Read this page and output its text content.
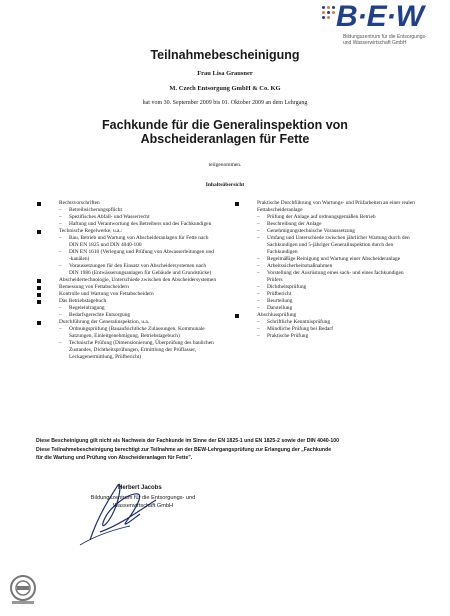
B·E·W
Bildungszentrum für die Entsorgungs-
und Wasserwirtschaft GmbH
Teilnahmebescheinigung
Frau Lisa Grausner
M. Czech Entsorgung GmbH & Co. KG
hat vom 30. September 2009 bis 01. Oktober 2009 an dem Lehrgang
Fachkunde für die Generalinspektion von Abscheideranlagen für Fette
teilgenommen.
Inhaltsübersicht
Rechtsvorschriften
– Betreibsicherungspflicht
– Spezifisches Abfall- und Wasserrecht
– Haftung und Verantwortung des Betreibers und des Fachkundigen
Technische Regelwerke, u.a.:
– Bau, Betrieb und Wartung von Abscheideranlagen für Fette nach DIN EN 1825 und DIN 4040-100
– DIN EN 1610 (Verlegung und Prüfung von Abwasserleitungen und -kanälen)
– Voraussetzungen für den Einsatz von Abscheidersystemen nach DIN 1986 (Entwässerungsanlagen für Gebäude und Grundstücke)
Abscheidertechnologie, Unterschiede zwischen den Abscheidersystemen
Bemessung von Fettabscheidern
Kontrolle und Wartung von Fettabscheidern
Das Betriebstagebuch
– Regeleintragung
– Bedarfsgerechte Entsorgung
Durchführung der Generalinspektion, u.a.
– Ordnungsprüfung (Bauaufsichtliche Zulassungen, Kommunale Satzungen, Einleitgenehmigung, Betriebstagebuch)
– Technische Prüfung (Dimensionierung, Überprüfung des baulichen Zustandes, Dichtheitsprüfungen, Ermittlung der Prüflasser, Leckagenermittlung, Prüfbericht)
Praktische Durchführung von Wartungs- und Prüfarbeiten an einer realen Fettabscheideranlage
– Prüfung der Anlage auf ordnungsgemäßen Betrieb
– Beschreibung der Anlage
– Genehmigungstechnische Voraussetzung
– Umfang und Unterschiede zwischen jährlicher Wartung durch den Sachkundigen und 5-jähriger Generalinspektion durch den Fachkundigen
– Regelmäßige Reinigung und Wartung einer Abscheideranlage
– Arbeitssicherheitsmaßnahmen
– Vorstellung der Ausrüstung eines sach- und eines fachkundigen Prüfers
– Dichtheitsprüfung
– Prüfbericht
– Beurteilung
– Darstellung
Abschlussprüfung
– Schriftliche Kenntnisprüfung
– Mündliche Prüfung bei Bedarf
– Praktische Prüfung
Diese Bescheinigung gilt nicht als Nachweis der Fachkunde im Sinne der EN 1825-1 und EN 1825-2 sowie der DIN 4040-100
Diese Teilnahmebescheinigung berechtigt zur Teilnahme an der BEW-Lehrgangsprüfung zur Erlangung der „Fachkunde
für die Wartung und Prüfung von Abscheideranlagen für Fette".
Herbert Jacobs
Bildungszentrum für die Entsorgungs- und
Wasserwirtschaft GmbH
